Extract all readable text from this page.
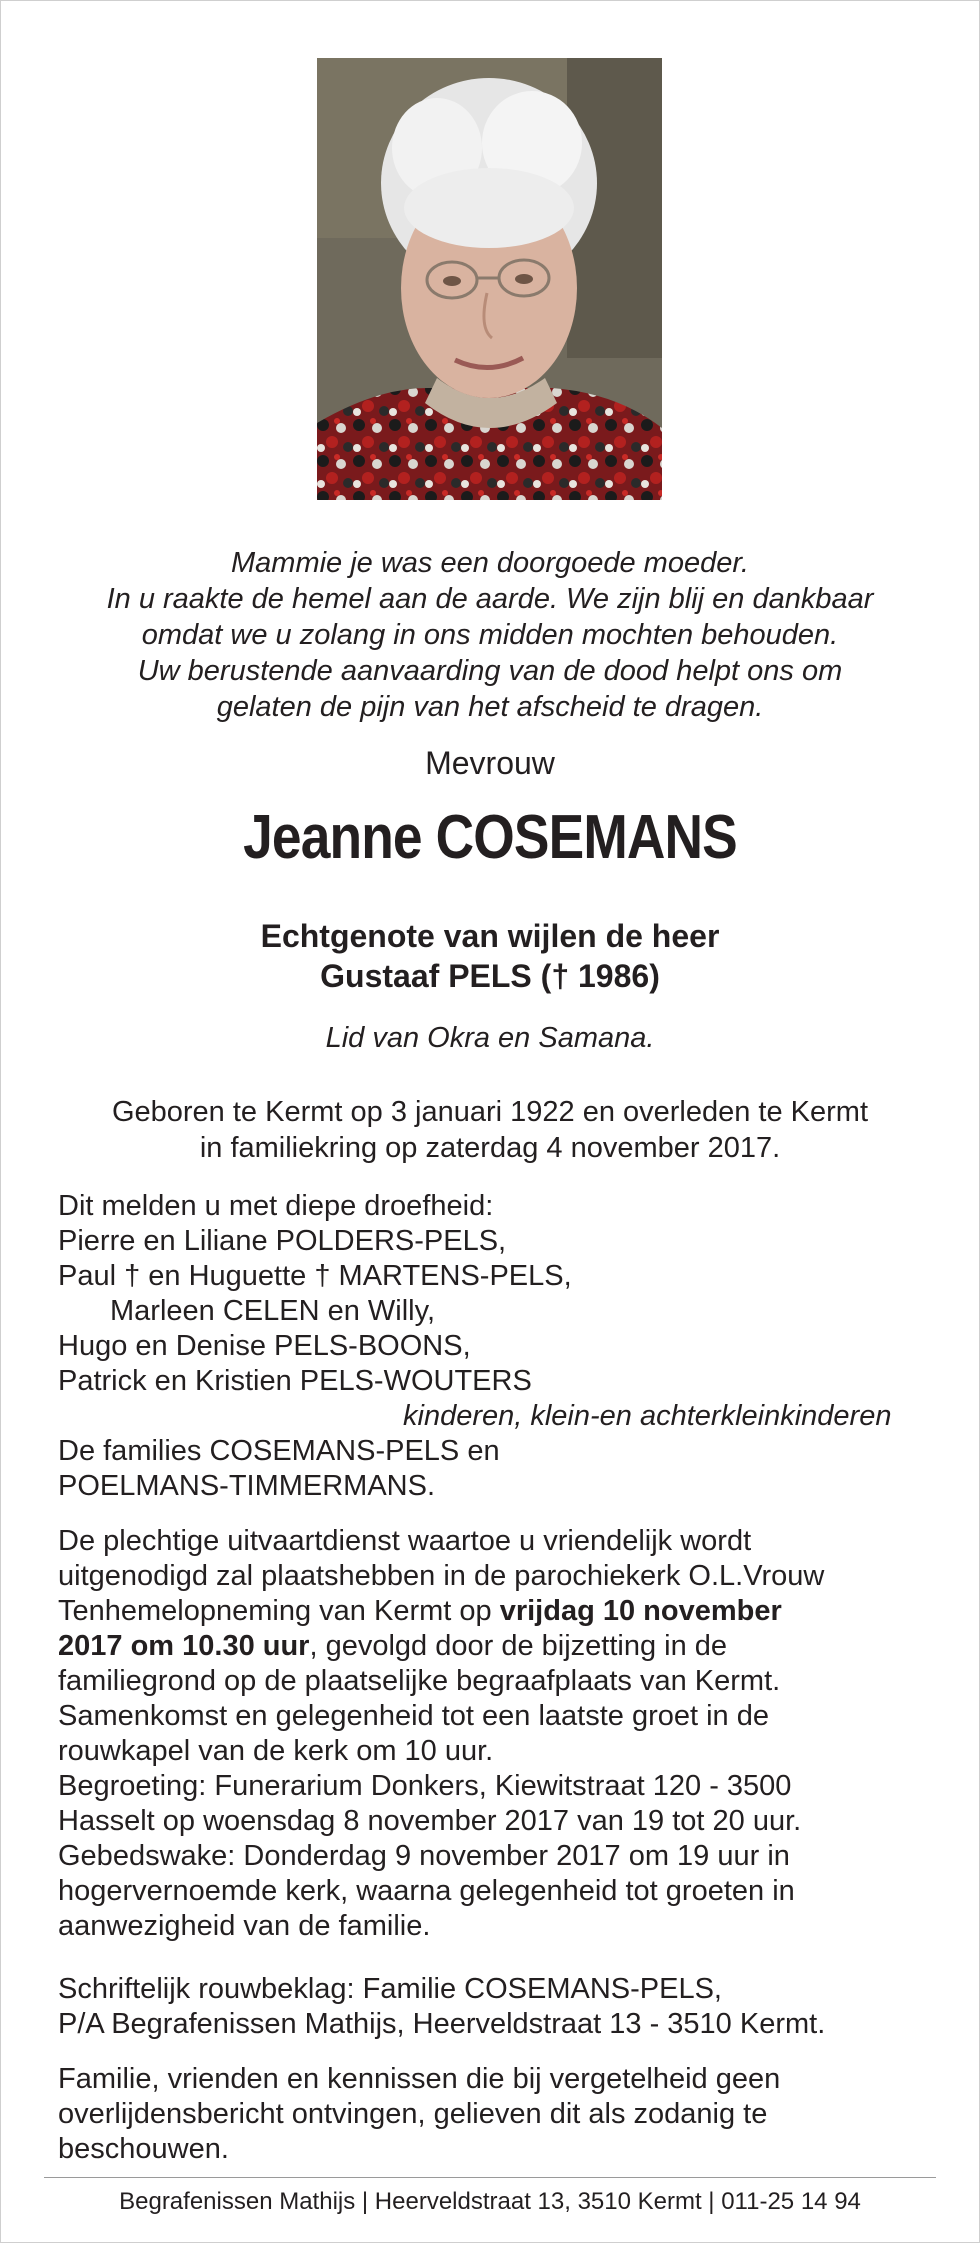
Mammie je was een doorgoede moeder.
In u raakte de hemel aan de aarde. We zijn blij en dankbaar
omdat we u zolang in ons midden mochten behouden.
Uw berustende aanvaarding van de dood helpt ons om
gelaten de pijn van het afscheid te dragen.
Mevrouw
Jeanne COSEMANS
Echtgenote van wijlen de heer
Gustaaf PELS († 1986)
Lid van Okra en Samana.
Geboren te Kermt op 3 januari 1922 en overleden te Kermt
in familiekring op zaterdag 4 november 2017.
Dit melden u met diepe droefheid:
Pierre en Liliane POLDERS-PELS,
Paul † en Huguette † MARTENS-PELS,
Marleen CELEN en Willy,
Hugo en Denise PELS-BOONS,
Patrick en Kristien PELS-WOUTERS
kinderen, klein-en achterkleinkinderen
De families COSEMANS-PELS en
POELMANS-TIMMERMANS.
De plechtige uitvaartdienst waartoe u vriendelijk wordt
uitgenodigd zal plaatshebben in de parochiekerk O.L.Vrouw
Tenhemelopneming van Kermt op vrijdag 10 november
2017 om 10.30 uur, gevolgd door de bijzetting in de
familiegrond op de plaatselijke begraafplaats van Kermt.
Samenkomst en gelegenheid tot een laatste groet in de
rouwkapel van de kerk om 10 uur.
Begroeting: Funerarium Donkers, Kiewitstraat 120 - 3500
Hasselt op woensdag 8 november 2017 van 19 tot 20 uur.
Gebedswake: Donderdag 9 november 2017 om 19 uur in
hogervernoemde kerk, waarna gelegenheid tot groeten in
aanwezigheid van de familie.
Schriftelijk rouwbeklag: Familie COSEMANS-PELS,
P/A Begrafenissen Mathijs, Heerveldstraat 13 - 3510 Kermt.
Familie, vrienden en kennissen die bij vergetelheid geen
overlijdensbericht ontvingen, gelieven dit als zodanig te
beschouwen.
Begrafenissen Mathijs | Heerveldstraat 13, 3510 Kermt | 011-25 14 94
